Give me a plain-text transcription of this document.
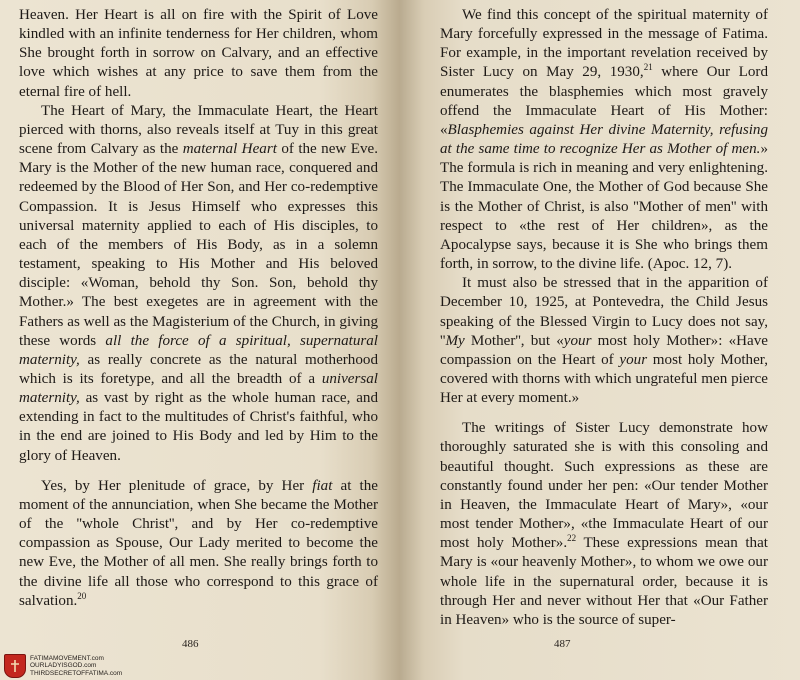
Heaven. Her Heart is all on fire with the Spirit of Love kindled with an infinite tenderness for Her children, whom She brought forth in sorrow on Calvary, and an effective love which wishes at any price to save them from the eternal fire of hell.

The Heart of Mary, the Immaculate Heart, the Heart pierced with thorns, also reveals itself at Tuy in this great scene from Calvary as the maternal Heart of the new Eve. Mary is the Mother of the new human race, conquered and redeemed by the Blood of Her Son, and Her co-redemptive Compassion. It is Jesus Himself who expresses this universal maternity applied to each of His disciples, to each of the members of His Body, as in a solemn testament, speaking to His Mother and His beloved disciple: «Woman, behold thy Son. Son, behold thy Mother.» The best exegetes are in agreement with the Fathers as well as the Magisterium of the Church, in giving these words all the force of a spiritual, supernatural maternity, as really concrete as the natural motherhood which is its foretype, and all the breadth of a universal maternity, as vast by right as the whole human race, and extending in fact to the multitudes of Christ's faithful, who in the end are joined to His Body and led by Him to the glory of Heaven.

Yes, by Her plenitude of grace, by Her fiat at the moment of the annunciation, when She became the Mother of the ''whole Christ'', and by Her co-redemptive compassion as Spouse, Our Lady merited to become the new Eve, the Mother of all men. She really brings forth to the divine life all those who correspond to this grace of salvation.$^{20}$

486

We find this concept of the spiritual maternity of Mary forcefully expressed in the message of Fatima. For example, in the important revelation received by Sister Lucy on May 29, 1930,21 where Our Lord enumerates the blasphemies which most gravely offend the Immaculate Heart of His Mother: «Blasphemies against Her divine Maternity, refusing at the same time to recognize Her as Mother of men.» The formula is rich in meaning and very enlightening. The Immaculate One, the Mother of God because She is the Mother of Christ, is also ''Mother of men'' with respect to «the rest of Her children», as the Apocalypse says, because it is She who brings them forth, in sorrow, to the divine life. (Apoc. 12, 7).

It must also be stressed that in the apparition of December 10, 1925, at Pontevedra, the Child Jesus speaking of the Blessed Virgin to Lucy does not say, ''My Mother'', but «your most holy Mother»: «Have compassion on the Heart of your most holy Mother, covered with thorns with which ungrateful men pierce Her at every moment.»

The writings of Sister Lucy demonstrate how thoroughly saturated she is with this consoling and beautiful thought. Such expressions as these are constantly found under her pen: «Our tender Mother in Heaven, the Immaculate Heart of Mary», «our most tender Mother», «the Immaculate Heart of our most holy Mother».$^{22}$ These expressions mean that Mary is «our heavenly Mother», to whom we owe our whole life in the supernatural order, because it is through Her and never without Her that «Our Father in Heaven» who is the source of super-

487
FATIMAMOVEMENT.com
OURLADYISGOD.com
THIRDSECRETOFFATIMA.com
